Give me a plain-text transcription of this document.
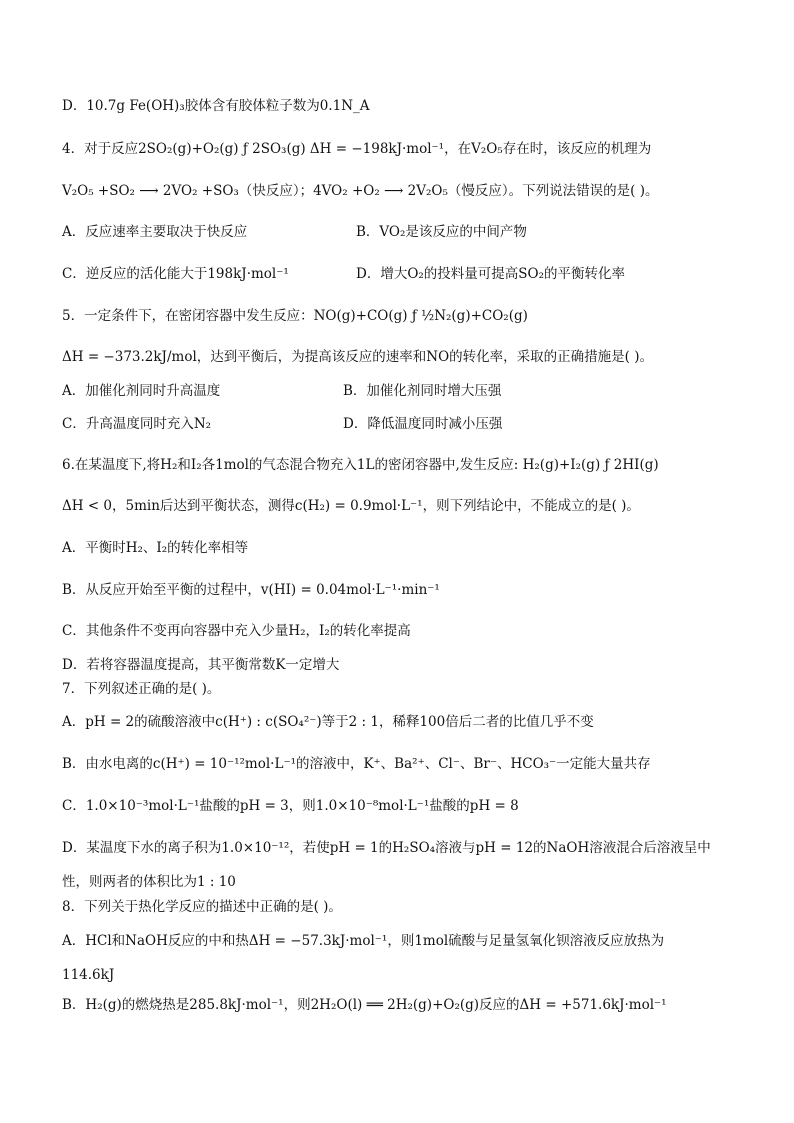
D．10.7g Fe(OH)₃胶体含有胶体粒子数为0.1N_A
4．对于反应2SO₂(g)+O₂(g) ƒ 2SO₃(g) ΔH = −198kJ·mol⁻¹，在V₂O₅存在时，该反应的机理为
V₂O₅ +SO₂ ⟶ 2VO₂ +SO₃（快反应）；4VO₂ +O₂ ⟶ 2V₂O₅（慢反应）。下列说法错误的是( )。
A．反应速率主要取决于快反应	B．VO₂是该反应的中间产物
C．逆反应的活化能大于198kJ·mol⁻¹	D．增大O₂的投料量可提高SO₂的平衡转化率
5．一定条件下，在密闭容器中发生反应：NO(g)+CO(g) ƒ ½N₂(g)+CO₂(g)
ΔH = −373.2kJ/mol，达到平衡后，为提高该反应的速率和NO的转化率，采取的正确措施是( )。
A．加催化剂同时升高温度	B．加催化剂同时增大压强
C．升高温度同时充入N₂	D．降低温度同时减小压强
6.在某温度下,将H₂和I₂各1mol的气态混合物充入1L的密闭容器中,发生反应: H₂(g)+I₂(g) ƒ 2HI(g)
ΔH < 0，5min后达到平衡状态，测得c(H₂) = 0.9mol·L⁻¹，则下列结论中，不能成立的是( )。
A．平衡时H₂、I₂的转化率相等
B．从反应开始至平衡的过程中，v(HI) = 0.04mol·L⁻¹·min⁻¹
C．其他条件不变再向容器中充入少量H₂，I₂的转化率提高
D．若将容器温度提高，其平衡常数K一定增大
7．下列叙述正确的是( )。
A．pH = 2的硫酸溶液中c(H⁺) : c(SO₄²⁻)等于2 : 1，稀释100倍后二者的比值几乎不变
B．由水电离的c(H⁺) = 10⁻¹²mol·L⁻¹的溶液中，K⁺、Ba²⁺、Cl⁻、Br⁻、HCO₃⁻一定能大量共存
C．1.0×10⁻³mol·L⁻¹盐酸的pH = 3，则1.0×10⁻⁸mol·L⁻¹盐酸的pH = 8
D．某温度下水的离子积为1.0×10⁻¹²，若使pH = 1的H₂SO₄溶液与pH = 12的NaOH溶液混合后溶液呈中
性，则两者的体积比为1 : 10
8．下列关于热化学反应的描述中正确的是( )。
A．HCl和NaOH反应的中和热ΔH = −57.3kJ·mol⁻¹，则1mol硫酸与足量氢氧化钡溶液反应放热为
114.6kJ
B．H₂(g)的燃烧热是285.8kJ·mol⁻¹，则2H₂O(l) ══ 2H₂(g)+O₂(g)反应的ΔH = +571.6kJ·mol⁻¹
